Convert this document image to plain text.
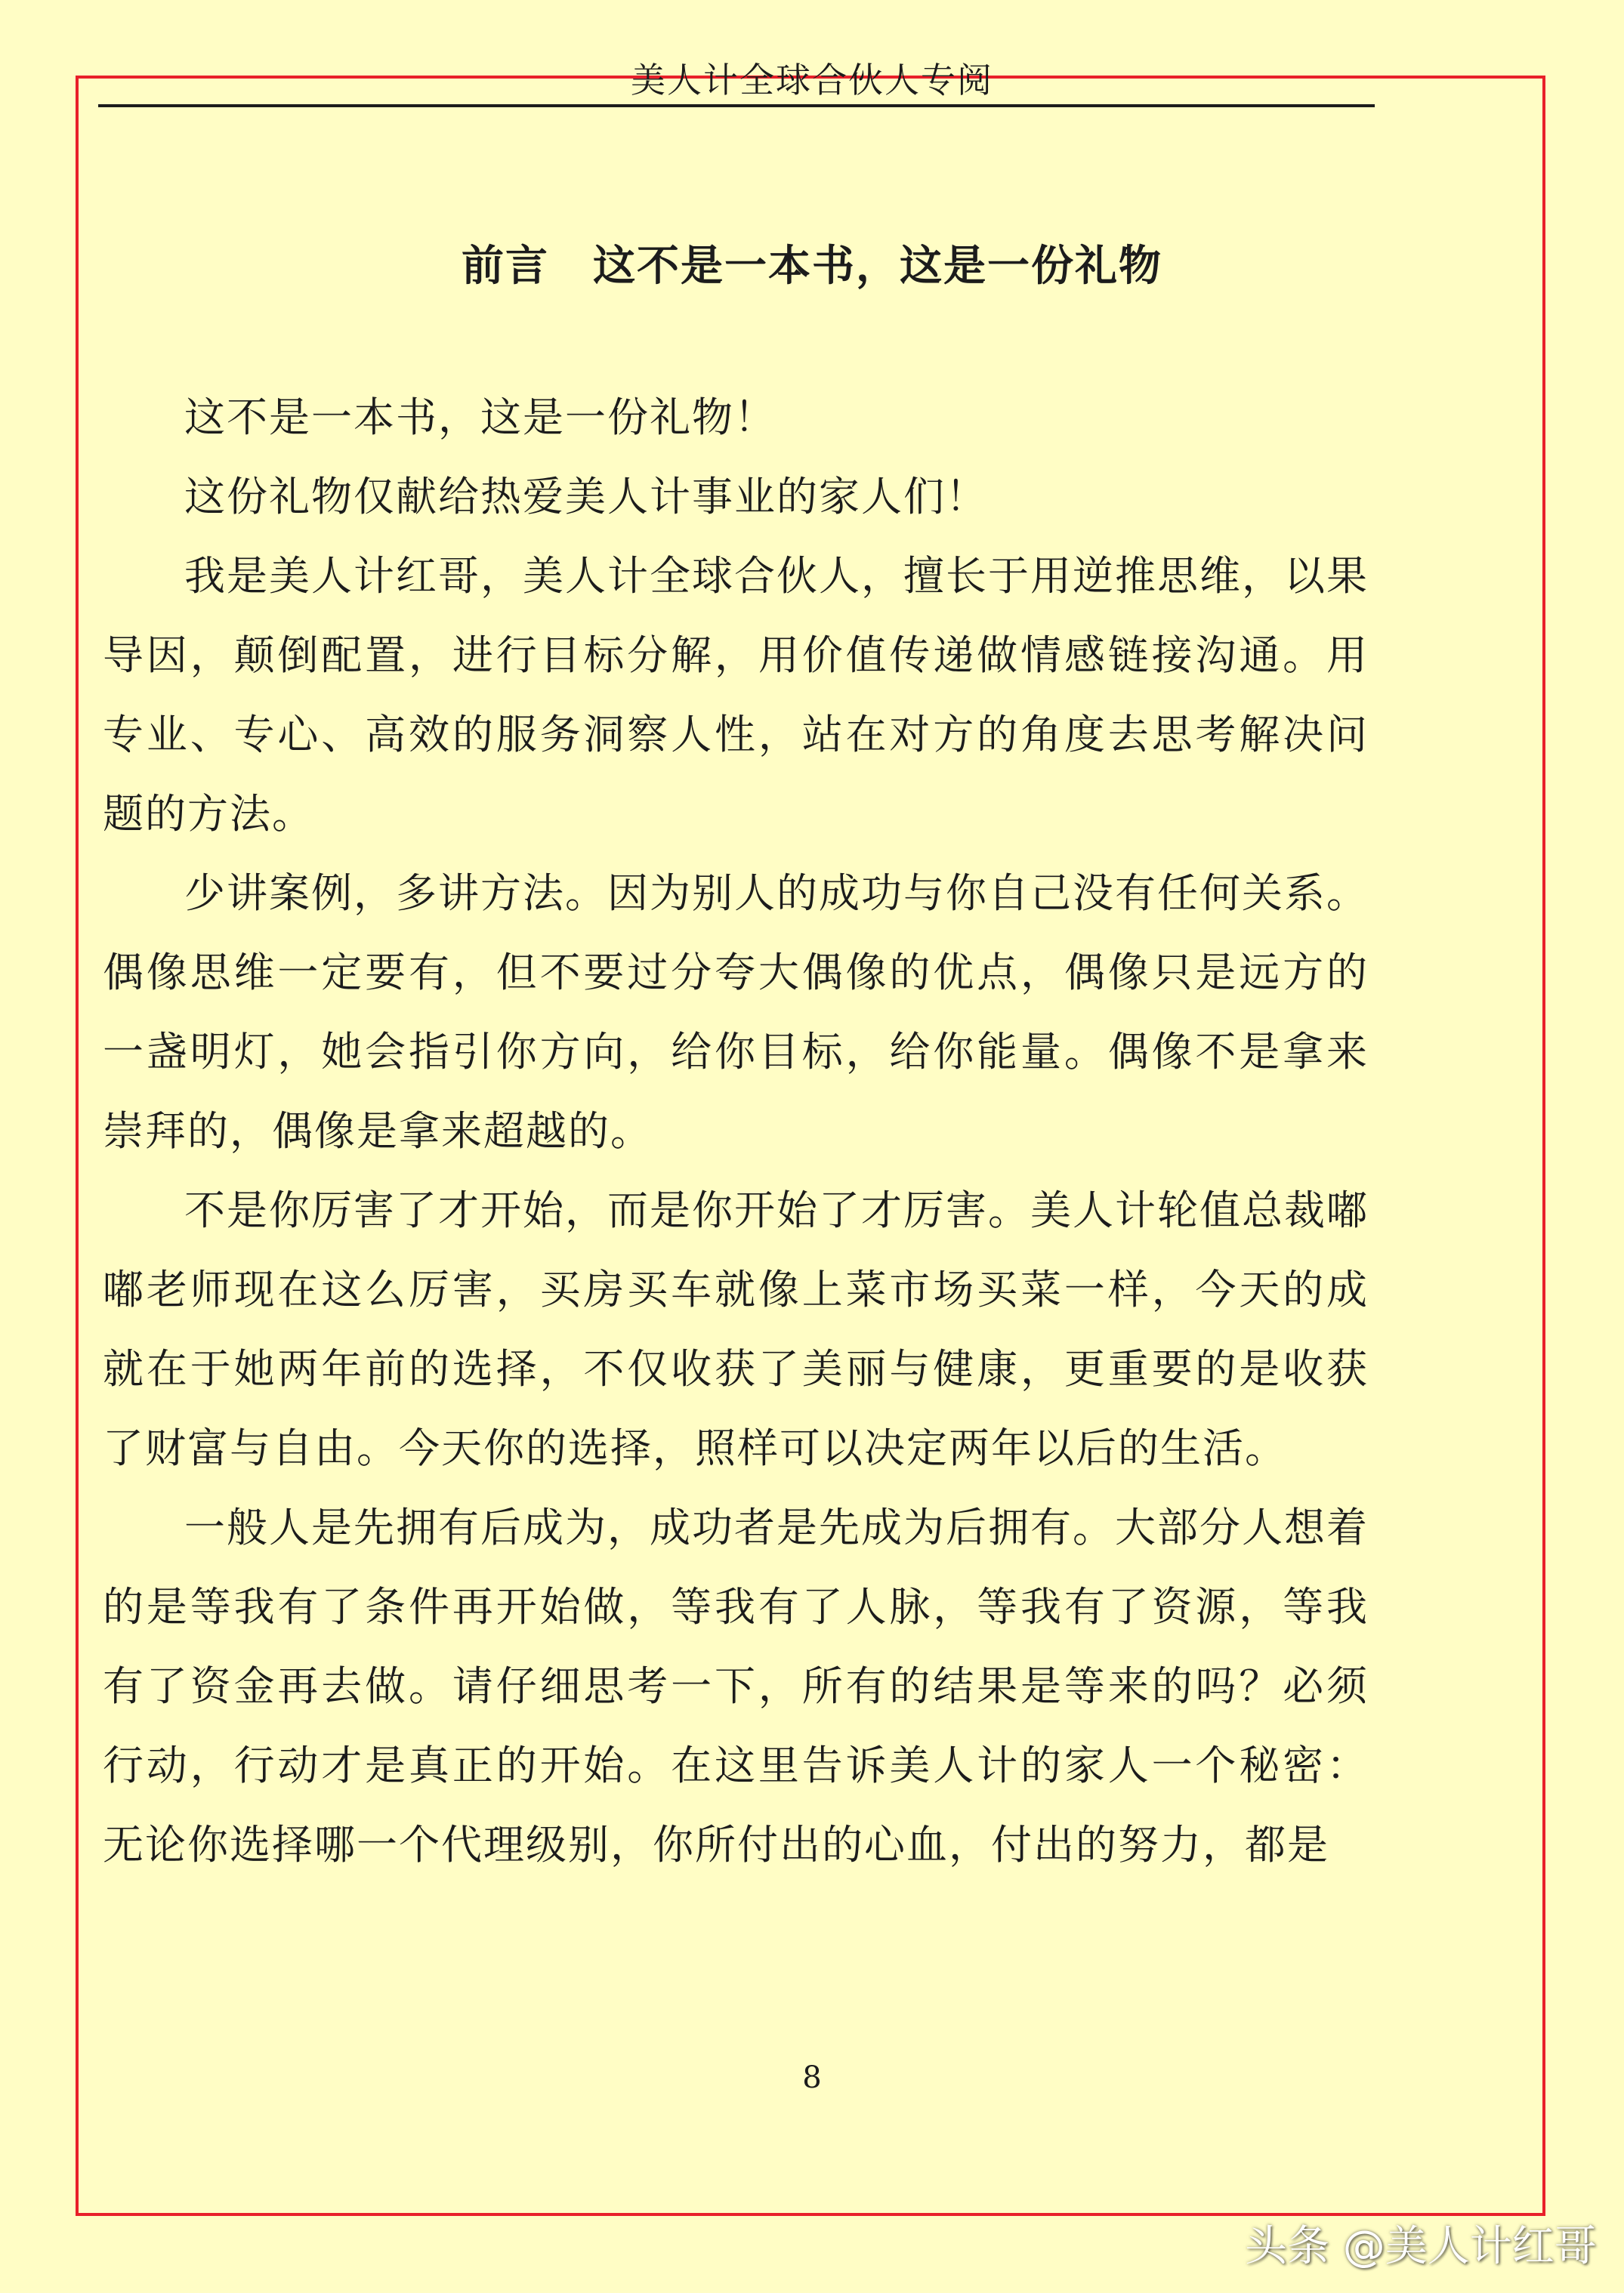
美人计全球合伙人专阅
前言　这不是一本书，这是一份礼物

这不是一本书，这是一份礼物！

这份礼物仅献给热爱美人计事业的家人们！

我是美人计红哥，美人计全球合伙人，擅长于用逆推思维，以果导因，颠倒配置，进行目标分解，用价值传递做情感链接沟通。用专业、专心、高效的服务洞察人性，站在对方的角度去思考解决问题的方法。

少讲案例，多讲方法。因为别人的成功与你自己没有任何关系。偶像思维一定要有，但不要过分夸大偶像的优点，偶像只是远方的一盏明灯，她会指引你方向，给你目标，给你能量。偶像不是拿来崇拜的，偶像是拿来超越的。

不是你厉害了才开始，而是你开始了才厉害。美人计轮值总裁嘟嘟老师现在这么厉害，买房买车就像上菜市场买菜一样，今天的成就在于她两年前的选择，不仅收获了美丽与健康，更重要的是收获了财富与自由。今天你的选择，照样可以决定两年以后的生活。

一般人是先拥有后成为，成功者是先成为后拥有。大部分人想着的是等我有了条件再开始做，等我有了人脉，等我有了资源，等我有了资金再去做。请仔细思考一下，所有的结果是等来的吗？必须行动，行动才是真正的开始。在这里告诉美人计的家人一个秘密：无论你选择哪一个代理级别，你所付出的心血，付出的努力，都是

8
头条 @美人计红哥
